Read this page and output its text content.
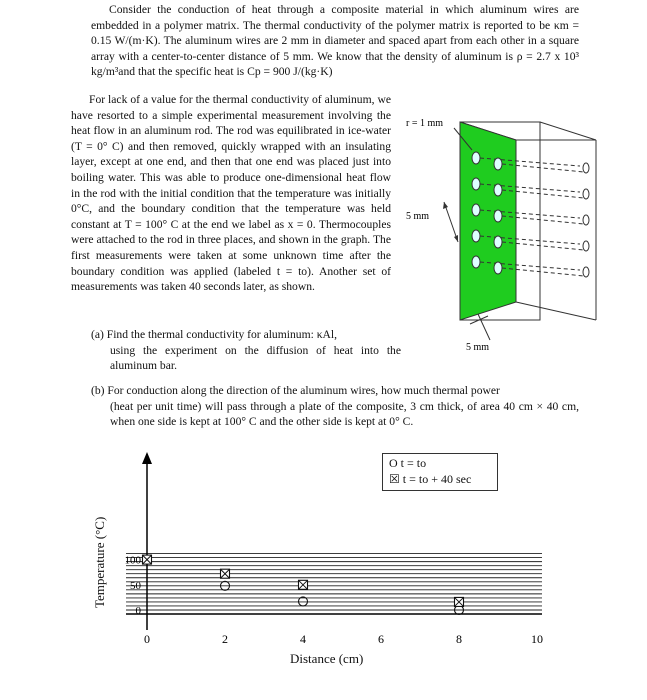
Consider the conduction of heat through a composite material in which aluminum wires are embedded in a polymer matrix. The thermal conductivity of the polymer matrix is reported to be κm = 0.15 W/(m·K). The aluminum wires are 2 mm in diameter and spaced apart from each other in a square array with a center-to-center distance of 5 mm. We know that the density of aluminum is ρ = 2.7 x 10³ kg/m³and that the specific heat is Cp = 900 J/(kg·K)

For lack of a value for the thermal conductivity of aluminum, we have resorted to a simple experimental measurement involving the heat flow in an aluminum rod. The rod was equilibrated in ice-water (T = 0° C) and then removed, quickly wrapped with an insulating layer, except at one end, and then that one end was placed just into boiling water. This was able to produce one-dimensional heat flow in the rod with the initial condition that the temperature was initially 0°C, and the boundary condition that the temperature was held constant at T = 100° C at the end we label as x = 0. Thermocouples were attached to the rod in three places, and shown in the graph. The first measurements were taken at some unknown time after the boundary condition was applied (labeled t = to). Another set of measurements was taken 40 seconds later, as shown.

(a) Find the thermal conductivity for aluminum: κAl,
using the experiment on the diffusion of heat into the aluminum bar.
(b) For conduction along the direction of the aluminum wires, how much thermal power
(heat per unit time) will pass through a plate of the composite, 3 cm thick, of area 40 cm × 40 cm, when one side is kept at 100° C and the other side is kept at 0° C.
r = 1 mm
5 mm
5 mm
0	2	4	6	8	10
0
50
100
O t = to
☒ t = to + 40 sec
Distance (cm)
Temperature (°C)
